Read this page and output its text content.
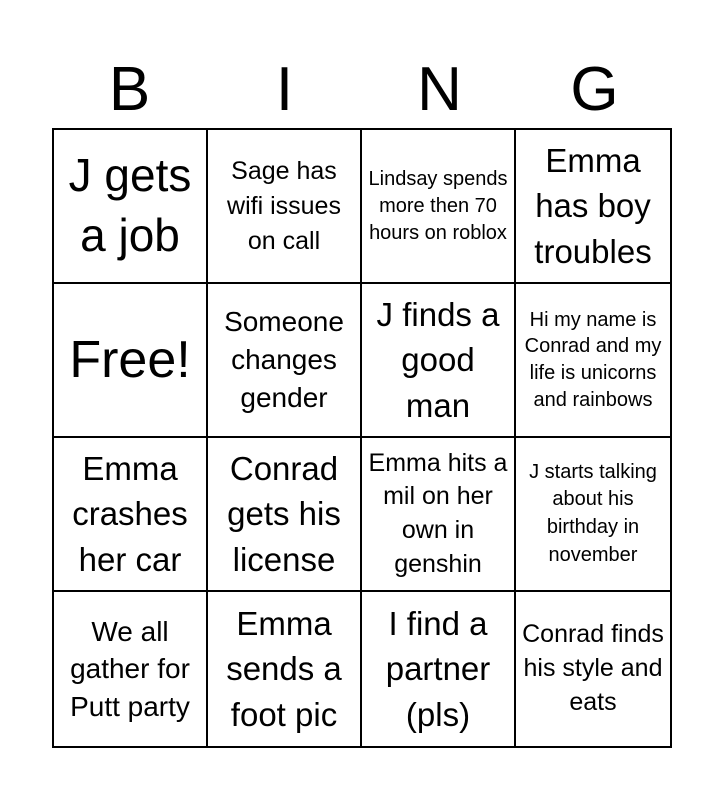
B	I	N	G
J gets a job
Sage has wifi issues on call
Lindsay spends more then 70 hours on roblox
Emma has boy troubles
Free!
Someone changes gender
J finds a good man
Hi my name is Conrad and my life is unicorns and rainbows
Emma crashes her car
Conrad gets his license
Emma hits a mil on her own in genshin
J starts talking about his birthday in november
We all gather for Putt party
Emma sends a foot pic
I find a partner (pls)
Conrad finds his style and eats
